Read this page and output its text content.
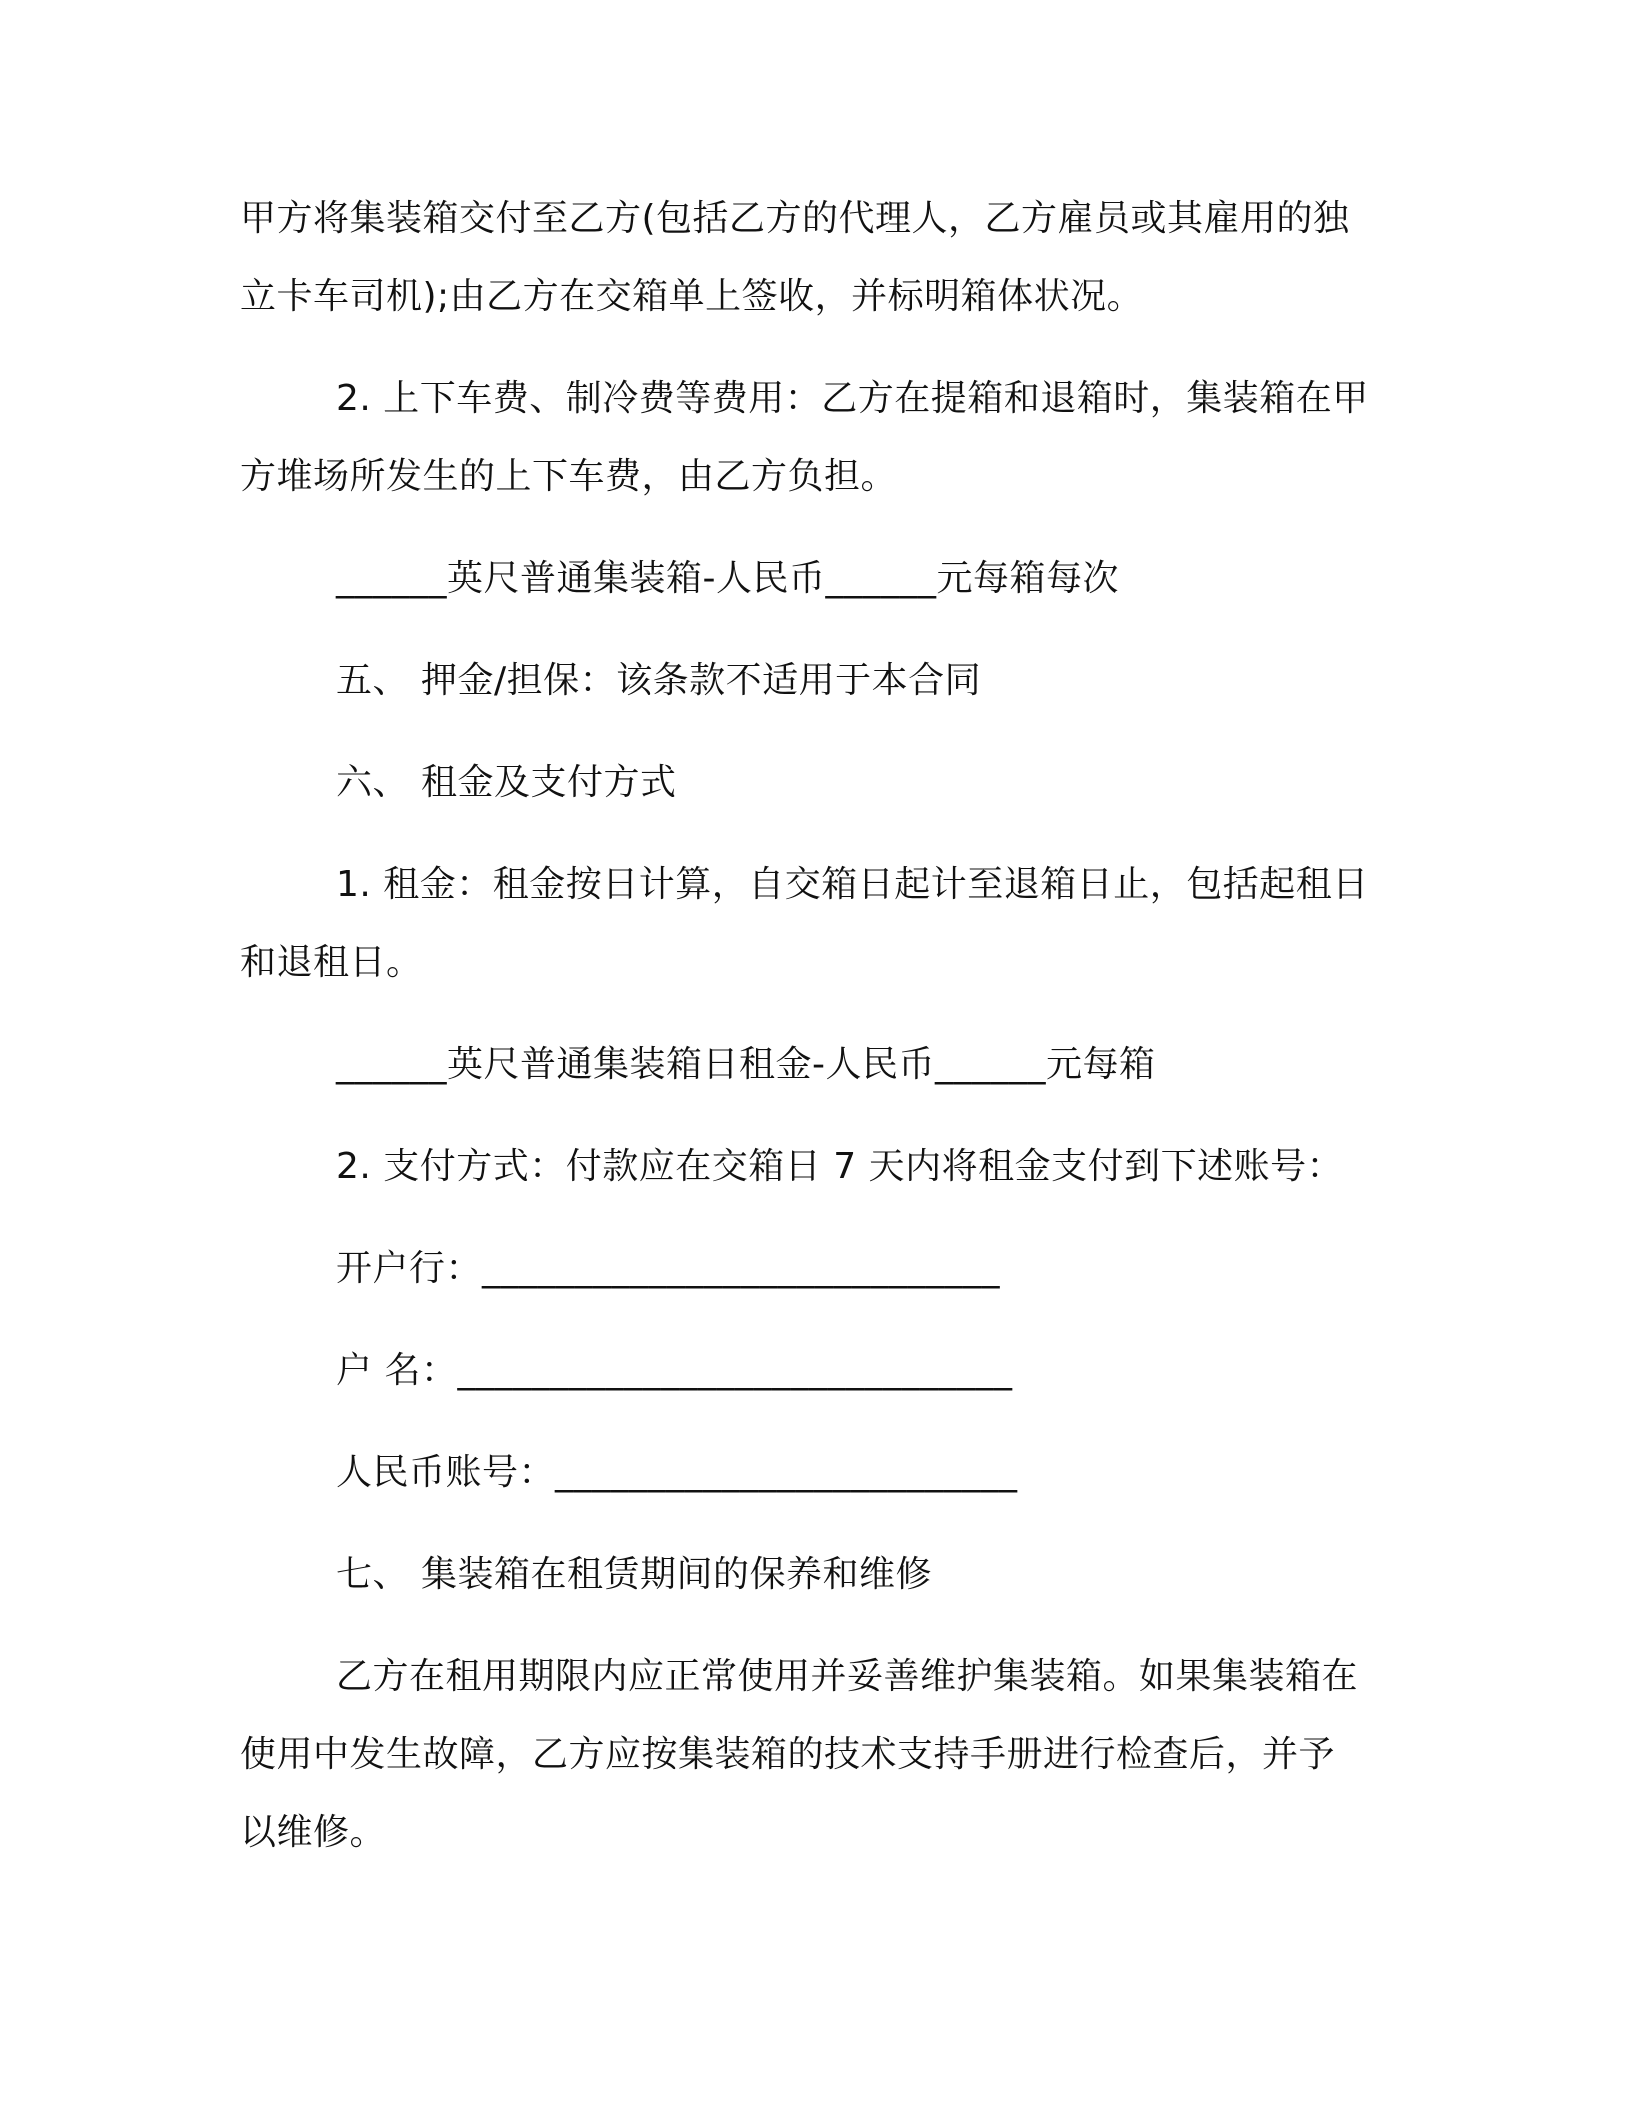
甲方将集装箱交付至乙方(包括乙方的代理人，乙方雇员或其雇用的独
立卡车司机);由乙方在交箱单上签收，并标明箱体状况。
2. 上下车费、制冷费等费用：乙方在提箱和退箱时，集装箱在甲
方堆场所发生的上下车费，由乙方负担。
______英尺普通集装箱-人民币______元每箱每次
五、 押金/担保：该条款不适用于本合同
六、 租金及支付方式
1. 租金：租金按日计算，自交箱日起计至退箱日止，包括起租日
和退租日。
______英尺普通集装箱日租金-人民币______元每箱
2. 支付方式：付款应在交箱日 7 天内将租金支付到下述账号：
开户行：____________________________
户 名：______________________________
人民币账号：_________________________
七、 集装箱在租赁期间的保养和维修
乙方在租用期限内应正常使用并妥善维护集装箱。如果集装箱在
使用中发生故障，乙方应按集装箱的技术支持手册进行检查后，并予
以维修。
